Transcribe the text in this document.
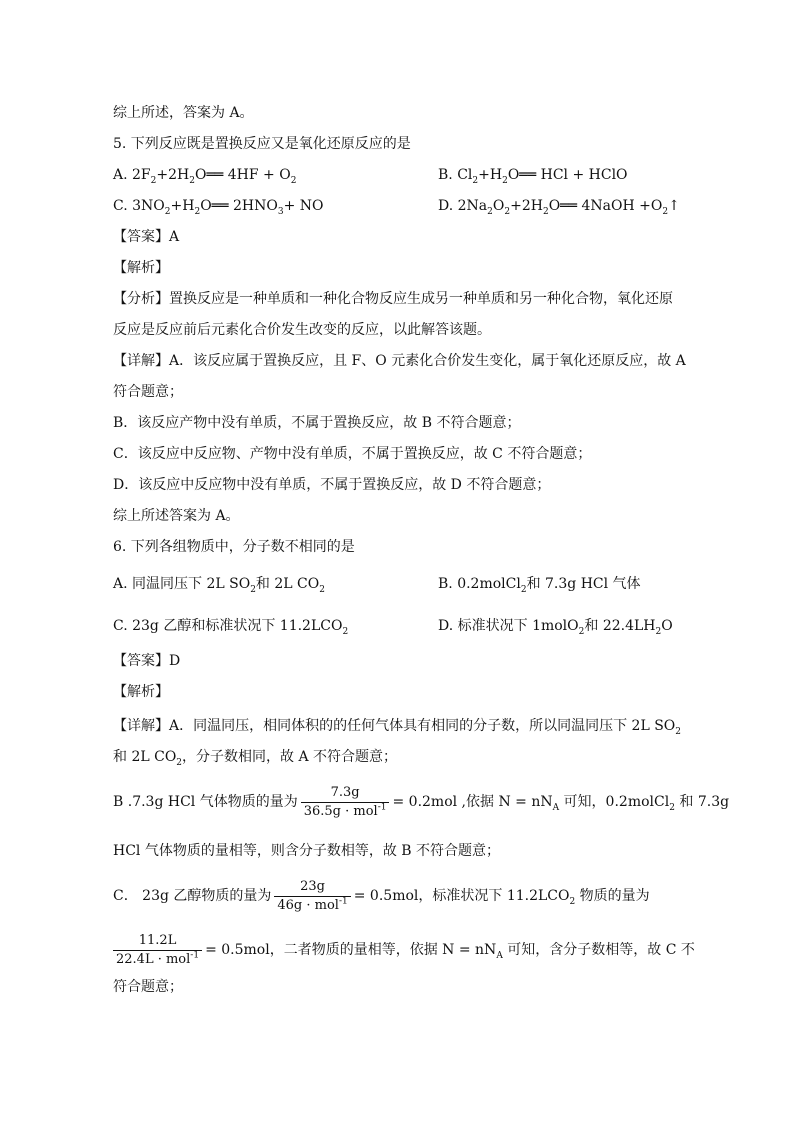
综上所述，答案为 A。
5. 下列反应既是置换反应又是氧化还原反应的是
A. $2F_2+2H_2O══$ $4HF + O_2$	B. $Cl_2+H_2O══$ HCl + HClO
C. $3NO_2+H_2O══$ $2HNO_3+$ NO	D. $2Na_2O_2+2H_2O══$ 4NaOH $+O_2↑$
【答案】A
【解析】
【分析】置换反应是一种单质和一种化合物反应生成另一种单质和另一种化合物，氧化还原
反应是反应前后元素化合价发生改变的反应，以此解答该题。
【详解】A．该反应属于置换反应，且 F、O 元素化合价发生变化，属于氧化还原反应，故 A
符合题意；
B．该反应产物中没有单质，不属于置换反应，故 B 不符合题意；
C．该反应中反应物、产物中没有单质，不属于置换反应，故 C 不符合题意；
D．该反应中反应物中没有单质，不属于置换反应，故 D 不符合题意；
综上所述答案为 A。
6. 下列各组物质中，分子数不相同的是
A. 同温同压下 2L $SO_2$和 2L $CO_2$	B. 0.2molCl$_2$和 7.3g HCl 气体
C. 23g 乙醇和标准状况下 $11.2LCO_2$	D. 标准状况下 1molO$_2$和 $22.4LH_2O$
【答案】D
【解析】
【详解】A．同温同压，相同体积的的任何气体具有相同的分子数，所以同温同压下 2L $SO_2$
和 2L $CO_2$，分子数相同，故 A 不符合题意；
B .7.3g HCl 气体物质的量为 $\frac{7.3g}{36.5g \cdot mol^{-1}} = 0.2mol$ ,依据 $N = nN_A$ 可知，0.2molCl$_2$ 和 7.3g
HCl 气体物质的量相等，则含分子数相等，故 B 不符合题意；
C． 23g 乙醇物质的量为 $\frac{23g}{46g \cdot mol^{-1}} = 0.5mol$，标准状况下 $11.2LCO_2$ 物质的量为
$\frac{11.2L}{22.4L \cdot mol^{-1}} = 0.5mol$，二者物质的量相等，依据 $N = nN_A$ 可知，含分子数相等，故 C 不
符合题意；
